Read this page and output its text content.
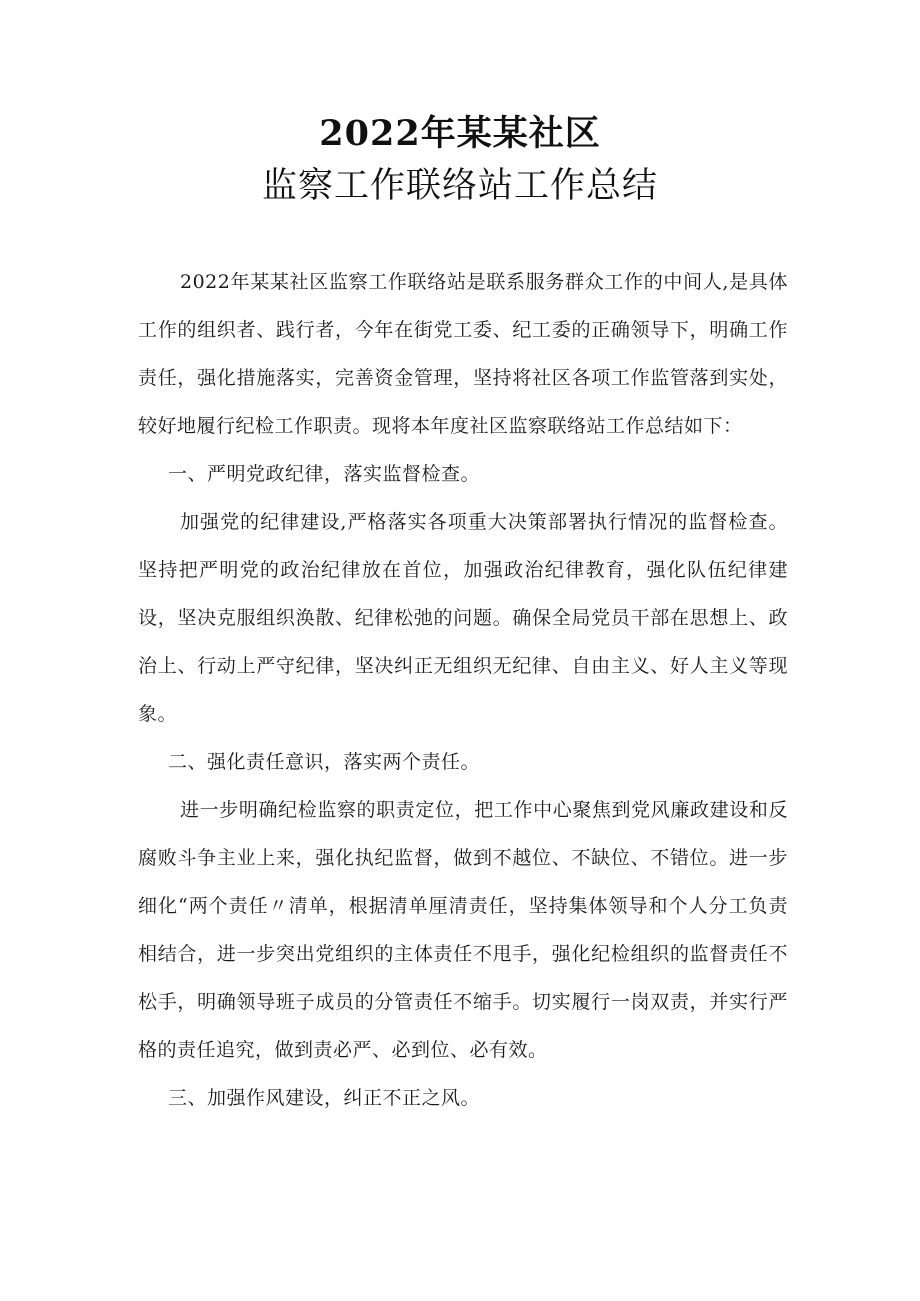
2022年某某社区
监察工作联络站工作总结

2022年某某社区监察工作联络站是联系服务群众工作的中间人,是具体工作的组织者、践行者，今年在街党工委、纪工委的正确领导下，明确工作责任，强化措施落实，完善资金管理，坚持将社区各项工作监管落到实处，较好地履行纪检工作职责。现将本年度社区监察联络站工作总结如下：

一、严明党政纪律，落实监督检查。

加强党的纪律建设,严格落实各项重大决策部署执行情况的监督检查。坚持把严明党的政治纪律放在首位，加强政治纪律教育，强化队伍纪律建设，坚决克服组织涣散、纪律松弛的问题。确保全局党员干部在思想上、政治上、行动上严守纪律，坚决纠正无组织无纪律、自由主义、好人主义等现象。

二、强化责任意识，落实两个责任。

进一步明确纪检监察的职责定位，把工作中心聚焦到党风廉政建设和反腐败斗争主业上来，强化执纪监督，做到不越位、不缺位、不错位。进一步细化“两个责任〃清单，根据清单厘清责任，坚持集体领导和个人分工负责相结合，进一步突出党组织的主体责任不甩手，强化纪检组织的监督责任不松手，明确领导班子成员的分管责任不缩手。切实履行一岗双责，并实行严格的责任追究，做到责必严、必到位、必有效。

三、加强作风建设，纠正不正之风。
